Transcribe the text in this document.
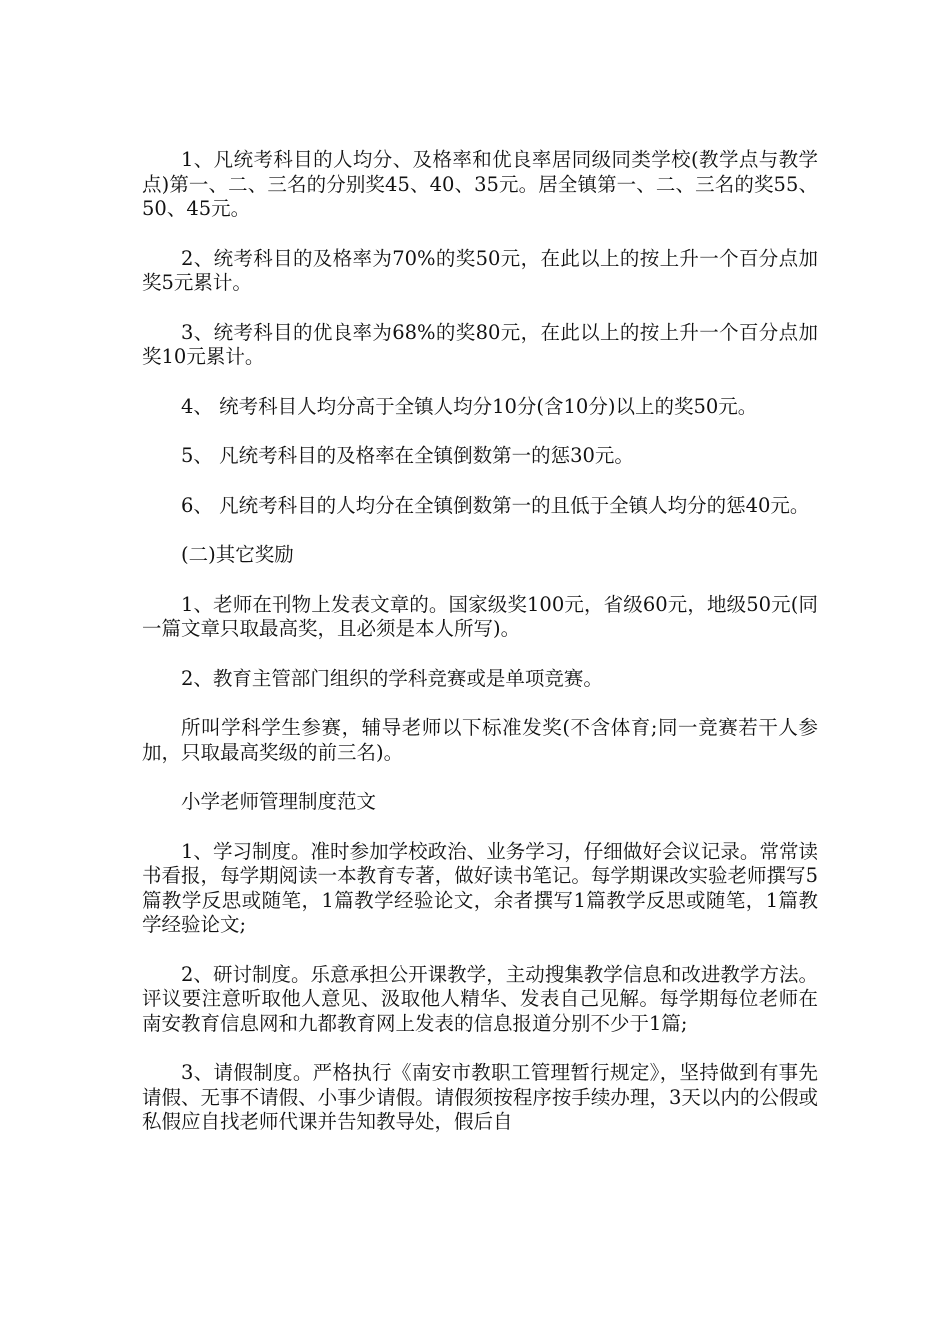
1、凡统考科目的人均分、及格率和优良率居同级同类学校(教学点与教学点)第一、二、三名的分别奖45、40、35元。居全镇第一、二、三名的奖55、50、45元。

2、统考科目的及格率为70%的奖50元，在此以上的按上升一个百分点加奖5元累计。

3、统考科目的优良率为68%的奖80元，在此以上的按上升一个百分点加奖10元累计。

4、 统考科目人均分高于全镇人均分10分(含10分)以上的奖50元。

5、 凡统考科目的及格率在全镇倒数第一的惩30元。

6、 凡统考科目的人均分在全镇倒数第一的且低于全镇人均分的惩40元。

(二)其它奖励

1、老师在刊物上发表文章的。国家级奖100元，省级60元，地级50元(同一篇文章只取最高奖，且必须是本人所写)。

2、教育主管部门组织的学科竞赛或是单项竞赛。

所叫学科学生参赛，辅导老师以下标准发奖(不含体育;同一竞赛若干人参加，只取最高奖级的前三名)。

小学老师管理制度范文

1、学习制度。准时参加学校政治、业务学习，仔细做好会议记录。常常读书看报，每学期阅读一本教育专著，做好读书笔记。每学期课改实验老师撰写5篇教学反思或随笔，1篇教学经验论文，余者撰写1篇教学反思或随笔，1篇教学经验论文;

2、研讨制度。乐意承担公开课教学，主动搜集教学信息和改进教学方法。评议要注意听取他人意见、汲取他人精华、发表自己见解。每学期每位老师在南安教育信息网和九都教育网上发表的信息报道分别不少于1篇;

3、请假制度。严格执行《南安市教职工管理暂行规定》，坚持做到有事先请假、无事不请假、小事少请假。请假须按程序按手续办理，3天以内的公假或私假应自找老师代课并告知教导处，假后自
